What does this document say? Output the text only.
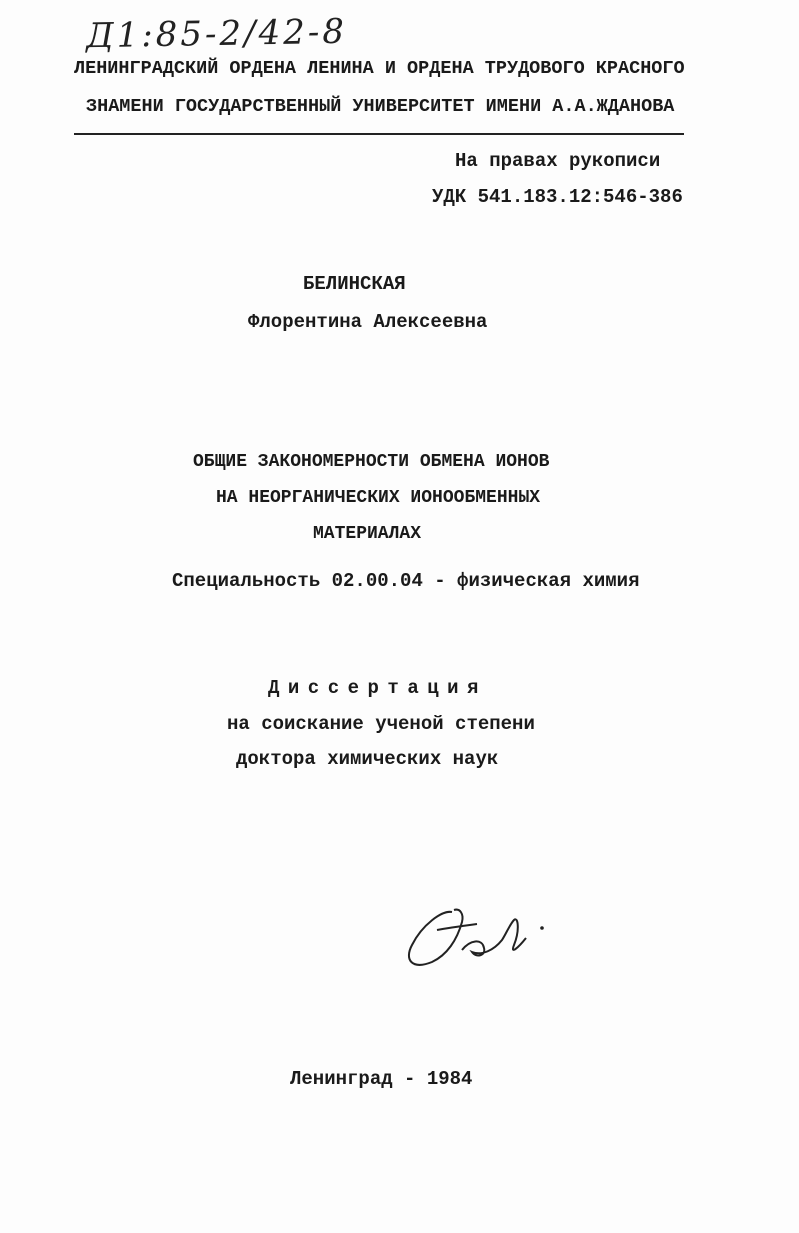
Д1:85-2/42-8
ЛЕНИНГРАДСКИЙ ОРДЕНА ЛЕНИНА И ОРДЕНА ТРУДОВОГО КРАСНОГО
ЗНАМЕНИ ГОСУДАРСТВЕННЫЙ УНИВЕРСИТЕТ ИМЕНИ А.А.ЖДАНОВА
На правах рукописи
УДК 541.183.12:546-386
БЕЛИНСКАЯ
Флорентина Алексеевна
ОБЩИЕ ЗАКОНОМЕРНОСТИ ОБМЕНА ИОНОВ
НА НЕОРГАНИЧЕСКИХ ИОНООБМЕННЫХ
МАТЕРИАЛАХ
Специальность 02.00.04 - физическая химия
Диссертация
на соискание ученой степени
доктора химических наук
Ленинград - 1984
